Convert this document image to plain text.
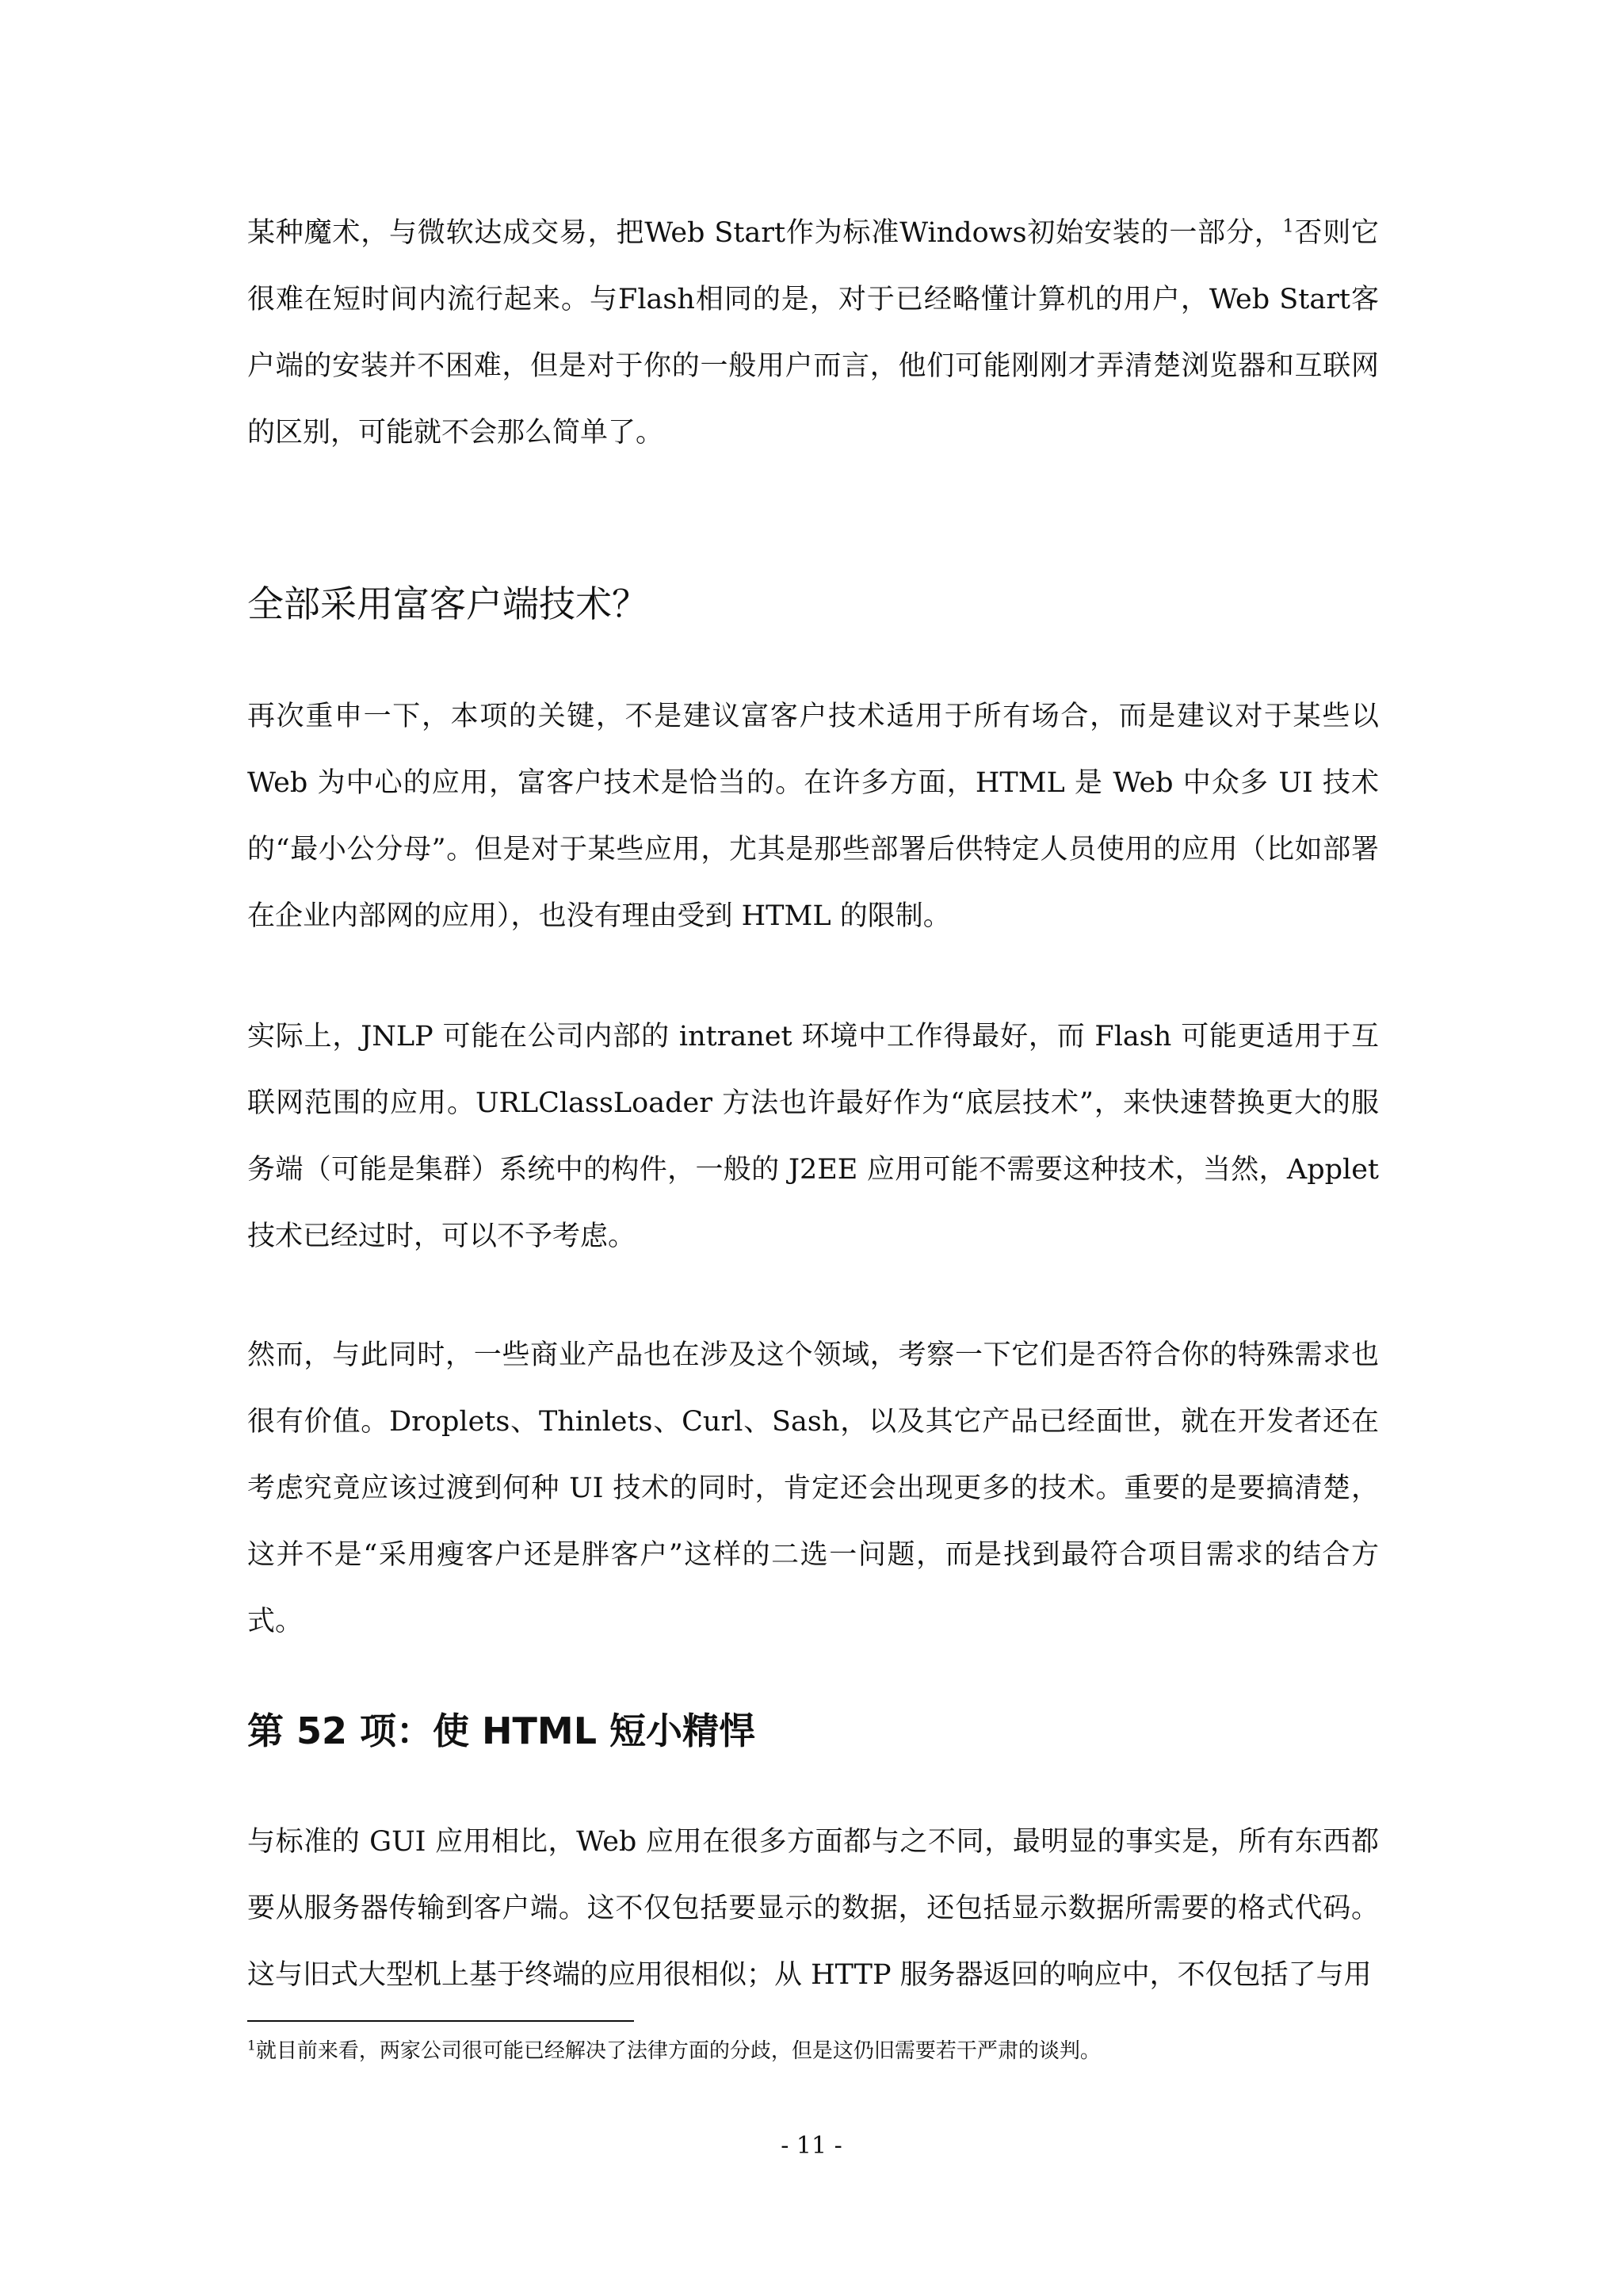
某种魔术，与微软达成交易，把Web Start作为标准Windows初始安装的一部分，$^1$否则它很难在短时间内流行起来。与Flash相同的是，对于已经略懂计算机的用户，Web Start客户端的安装并不困难，但是对于你的一般用户而言，他们可能刚刚才弄清楚浏览器和互联网的区别，可能就不会那么简单了。

全部采用富客户端技术？

再次重申一下，本项的关键，不是建议富客户技术适用于所有场合，而是建议对于某些以Web 为中心的应用，富客户技术是恰当的。在许多方面，HTML 是 Web 中众多 UI 技术的“最小公分母”。但是对于某些应用，尤其是那些部署后供特定人员使用的应用（比如部署在企业内部网的应用），也没有理由受到 HTML 的限制。

实际上，JNLP 可能在公司内部的 intranet 环境中工作得最好，而 Flash 可能更适用于互联网范围的应用。URLClassLoader 方法也许最好作为“底层技术”，来快速替换更大的服务端（可能是集群）系统中的构件，一般的 J2EE 应用可能不需要这种技术，当然，Applet 技术已经过时，可以不予考虑。

然而，与此同时，一些商业产品也在涉及这个领域，考察一下它们是否符合你的特殊需求也很有价值。Droplets、Thinlets、Curl、Sash，以及其它产品已经面世，就在开发者还在考虑究竟应该过渡到何种 UI 技术的同时，肯定还会出现更多的技术。重要的是要搞清楚，这并不是“采用瘦客户还是胖客户”这样的二选一问题，而是找到最符合项目需求的结合方式。

第 52 项：使 HTML 短小精悍

与标准的 GUI 应用相比，Web 应用在很多方面都与之不同，最明显的事实是，所有东西都要从服务器传输到客户端。这不仅包括要显示的数据，还包括显示数据所需要的格式代码。这与旧式大型机上基于终端的应用很相似；从 HTTP 服务器返回的响应中，不仅包括了与用

$^1$就目前来看，两家公司很可能已经解决了法律方面的分歧，但是这仍旧需要若干严肃的谈判。

- 11 -
